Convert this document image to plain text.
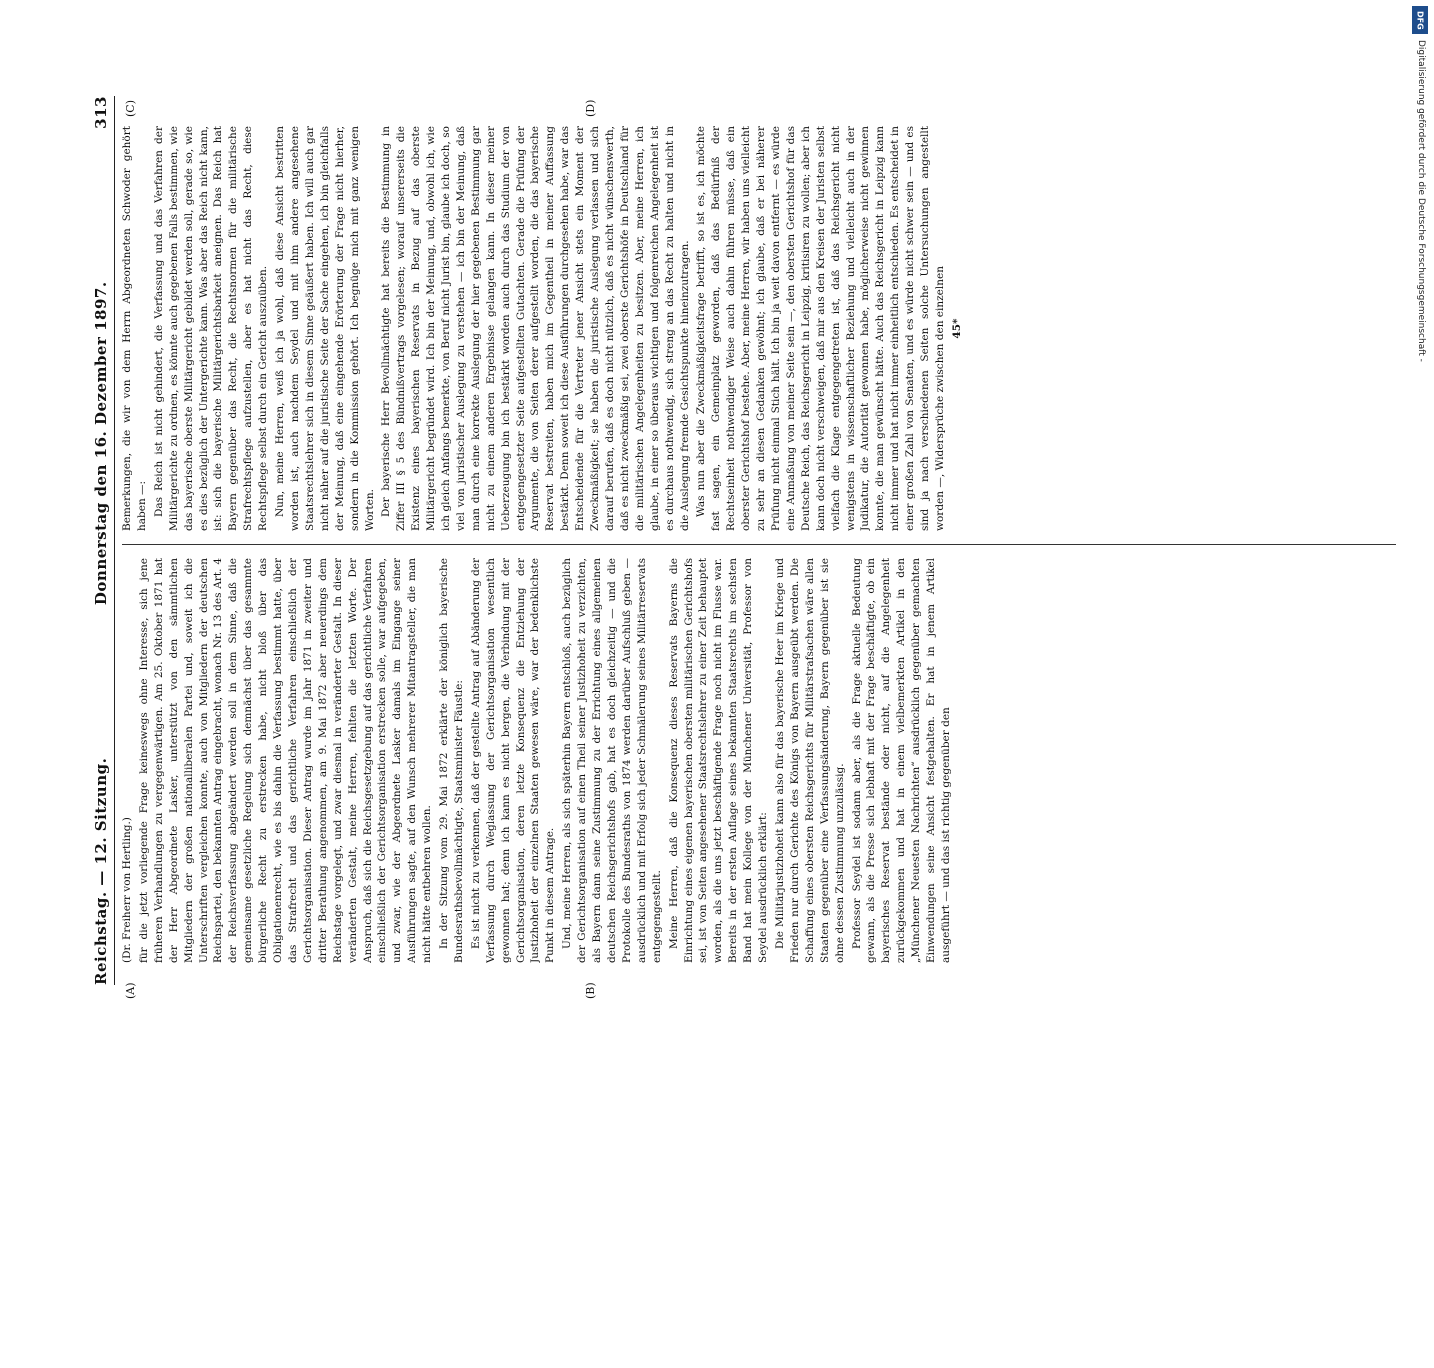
Reichstag. — 12. Sitzung.
Donnerstag den 16. Dezember 1897.
313
(A)	(B)
(C)	(D)

(Dr. Freiherr von Hertling.) für die jetzt vorliegende Frage keineswegs ohne Interesse, sich jene früheren Verhandlungen zu vergegenwärtigen. Am 25. Oktober 1871 hat der Herr Abgeordnete Lasker, unterstützt von den sämmtlichen Mitgliedern der großen nationalliberalen Partei und, soweit ich die Unterschriften vergleichen konnte, auch von Mitgliedern der deutschen Reichspartei, den bekannten Antrag eingebracht, wonach Nr. 13 des Art. 4 der Reichsverfassung abgeändert werden soll in dem Sinne, daß die gemeinsame gesetzliche Regelung sich demnächst über das gesammte bürgerliche Recht zu erstrecken habe, nicht bloß über das Obligationenrecht, wie es bis dahin die Verfassung bestimmt hatte, über das Strafrecht und das gerichtliche Verfahren einschließlich der Gerichtsorganisation. Dieser Antrag wurde im Jahr 1871 in zweiter und dritter Berathung angenommen, am 9. Mai 1872 aber neuerdings dem Reichstage vorgelegt, und zwar diesmal in veränderter Gestalt. In dieser veränderten Gestalt, meine Herren, fehlten die letzten Worte. Der Anspruch, daß sich die Reichsgesetzgebung auf das gerichtliche Verfahren einschließlich der Gerichtsorganisation erstrecken solle, war aufgegeben, und zwar, wie der Abgeordnete Lasker damals im Eingange seiner Ausführungen sagte, auf den Wunsch mehrerer Mitantragsteller, die man nicht hätte entbehren wollen. In der Sitzung vom 29. Mai 1872 erklärte der königlich bayerische Bundesrathsbevollmächtigte, Staatsminister Fäustle: Es ist nicht zu verkennen, daß der gestellte Antrag auf Abänderung der Verfassung durch Weglassung der Gerichtsorganisation wesentlich gewonnen hat; denn ich kann es nicht bergen, die Verbindung mit der Gerichtsorganisation, deren letzte Konsequenz die Entziehung der Justizhoheit der einzelnen Staaten gewesen wäre, war der bedenklichste Punkt in diesem Antrage. Und, meine Herren, als sich späterhin Bayern entschloß, auch bezüglich der Gerichtsorganisation auf einen Theil seiner Justizhoheit zu verzichten, als Bayern dann seine Zustimmung zu der Errichtung eines allgemeinen deutschen Reichsgerichtshofs gab, hat es doch gleichzeitig — und die Protokolle des Bundesraths von 1874 werden darüber Aufschluß geben — ausdrücklich und mit Erfolg sich jeder Schmälerung seines Militärreservats entgegengestellt. Meine Herren, daß die Konsequenz dieses Reservats Bayerns die Einrichtung eines eigenen bayerischen obersten militärischen Gerichtshofs sei, ist von Seiten angesehener Staatsrechtslehrer zu einer Zeit behauptet worden, als die uns jetzt beschäftigende Frage noch nicht im Flusse war. Bereits in der ersten Auflage seines bekannten Staatsrechts im sechsten Band hat mein Kollege von der Münchener Universität, Professor von Seydel ausdrücklich erklärt: Die Militärjustizhoheit kann also für das bayerische Heer im Kriege und Frieden nur durch Gerichte des Königs von Bayern ausgeübt werden. Die Schaffung eines obersten Reichsgerichts für Militärstrafsachen wäre allen Staaten gegenüber eine Verfassungsänderung, Bayern gegenüber ist sie ohne dessen Zustimmung unzulässig. Professor Seydel ist sodann aber, als die Frage aktuelle Bedeutung gewann, als die Presse sich lebhaft mit der Frage beschäftigte, ob ein bayerisches Reservat bestände oder nicht, auf die Angelegenheit zurückgekommen und hat in einem vielbemerkten Artikel in den „Münchener Neuesten Nachrichten“ ausdrücklich gegenüber gemachten Einwendungen seine Ansicht festgehalten. Er hat in jenem Artikel ausgeführt — und das ist richtig gegenüber den

Bemerkungen, die wir von dem Herrn Abgeordneten Schwoder gehört haben —: Das Reich ist nicht gehindert, die Verfassung und das Verfahren der Militärgerichte zu ordnen, es könnte auch gegebenen Falls bestimmen, wie das bayerische oberste Militärgericht gebildet werden soll, gerade so, wie es dies bezüglich der Untergerichte kann. Was aber das Reich nicht kann, ist: sich die bayerische Militärgerichtsbarkeit aneignen. Das Reich hat Bayern gegenüber das Recht, die Rechtsnormen für die militärische Strafrechtspflege aufzustellen, aber es hat nicht das Recht, diese Rechtspflege selbst durch ein Gericht auszuüben. Nun, meine Herren, weiß ich ja wohl, daß diese Ansicht bestritten worden ist, auch nachdem Seydel und mit ihm andere angesehene Staatsrechtslehrer sich in diesem Sinne geäußert haben. Ich will auch gar nicht näher auf die juristische Seite der Sache eingehen, ich bin gleichfalls der Meinung, daß eine eingehende Erörterung der Frage nicht hierher, sondern in die Kommission gehört. Ich begnüge mich mit ganz wenigen Worten. Der bayerische Herr Bevollmächtigte hat bereits die Bestimmung in Ziffer III § 5 des Bündnißvertrags vorgelesen; worauf unsererseits die Existenz eines bayerischen Reservats in Bezug auf das oberste Militärgericht begründet wird. Ich bin der Meinung, und, obwohl ich, wie ich gleich Anfangs bemerkte, von Beruf nicht Jurist bin, glaube ich doch, so viel von juristischer Auslegung zu verstehen — ich bin der Meinung, daß man durch eine korrekte Auslegung der hier gegebenen Bestimmung gar nicht zu einem anderen Ergebnisse gelangen kann. In dieser meiner Ueberzeugung bin ich bestärkt worden auch durch das Studium der von entgegengesetzter Seite aufgestellten Gutachten. Gerade die Prüfung der Argumente, die von Seiten derer aufgestellt worden, die das bayerische Reservat bestreiten, haben mich im Gegentheil in meiner Auffassung bestärkt. Denn soweit ich diese Ausführungen durchgesehen habe, war das Entscheidende für die Vertreter jener Ansicht stets ein Moment der Zweckmäßigkeit; sie haben die juristische Auslegung verlassen und sich darauf berufen, daß es doch nicht nützlich, daß es nicht wünschenswerth, daß es nicht zweckmäßig sei, zwei oberste Gerichtshöfe in Deutschland für die militärischen Angelegenheiten zu besitzen. Aber, meine Herren, ich glaube, in einer so überaus wichtigen und folgenreichen Angelegenheit ist es durchaus nothwendig, sich streng an das Recht zu halten und nicht in die Auslegung fremde Gesichtspunkte hineinzutragen. Was nun aber die Zweckmäßigkeitsfrage betrifft, so ist es, ich möchte fast sagen, ein Gemeinplatz geworden, daß das Bedürfniß der Rechtseinheit nothwendiger Weise auch dahin führen müsse, daß ein oberster Gerichtshof bestehe. Aber, meine Herren, wir haben uns vielleicht zu sehr an diesen Gedanken gewöhnt; ich glaube, daß er bei näherer Prüfung nicht einmal Stich hält. Ich bin ja weit davon entfernt — es würde eine Anmaßung von meiner Seite sein —, den obersten Gerichtshof für das Deutsche Reich, das Reichsgericht in Leipzig, kritisiren zu wollen; aber ich kann doch nicht verschweigen, daß mir aus den Kreisen der Juristen selbst vielfach die Klage entgegengetreten ist, daß das Reichsgericht nicht wenigstens in wissenschaftlicher Beziehung und vielleicht auch in der Judikatur, die Autorität gewonnen habe, möglicherweise nicht gewinnen konnte, die man gewünscht hätte. Auch das Reichsgericht in Leipzig kann nicht immer und hat nicht immer einheitlich entschieden. Es entscheidet in einer großen Zahl von Senaten, und es würde nicht schwer sein — und es sind ja nach verschiedenen Seiten solche Untersuchungen angestellt worden —, Widersprüche zwischen den einzelnen 45*

DFG
Digitalisierung gefördert durch die Deutsche Forschungsgemeinschaft -
